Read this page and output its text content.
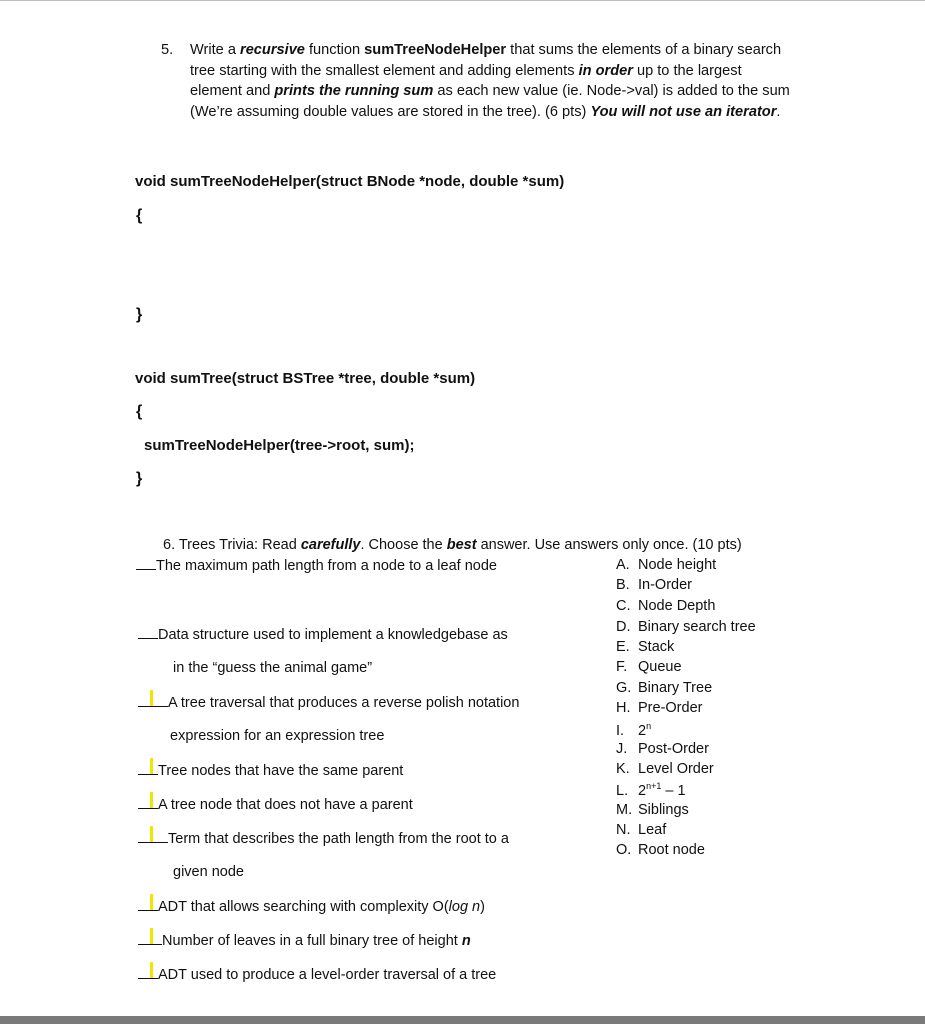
5. Write a recursive function sumTreeNodeHelper that sums the elements of a binary search tree starting with the smallest element and adding elements in order up to the largest element and prints the running sum as each new value (ie. Node->val) is added to the sum (We’re assuming double values are stored in the tree). (6 pts) You will not use an iterator.
void sumTreeNodeHelper(struct BNode *node, double *sum)
{
}
void sumTree(struct BSTree *tree, double *sum)
{
sumTreeNodeHelper(tree->root, sum);
}
6. Trees Trivia: Read carefully. Choose the best answer. Use answers only once. (10 pts)
The maximum path length from a node to a leaf node
Data structure used to implement a knowledgebase as
in the “guess the animal game”
A tree traversal that produces a reverse polish notation
expression for an expression tree
Tree nodes that have the same parent
A tree node that does not have a parent
Term that describes the path length from the root to a
given node
ADT that allows searching with complexity O(log n)
Number of leaves in a full binary tree of height n
ADT used to produce a level-order traversal of a tree
A. Node height
B. In-Order
C. Node Depth
D. Binary search tree
E. Stack
F. Queue
G. Binary Tree
H. Pre-Order
I. 2$^n$
J. Post-Order
K. Level Order
L. $2^{n+1} - 1$
M. Siblings
N. Leaf
O. Root node
